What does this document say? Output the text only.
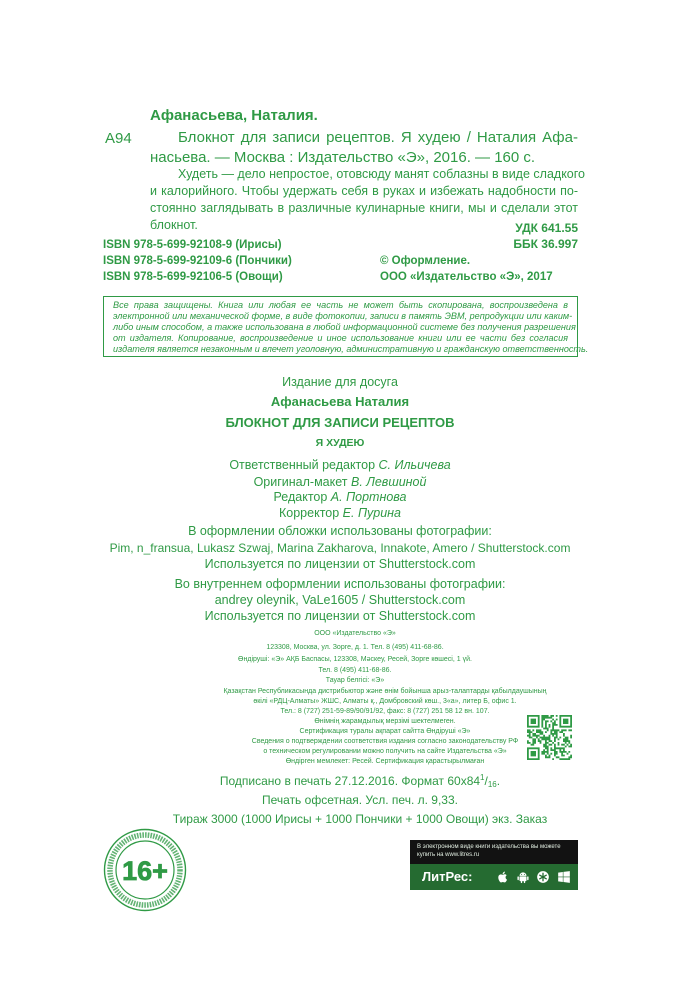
Афанасьева, Наталия.
А94	Блокнот для записи рецептов. Я худею / Наталия Афа-
насьева. — Москва : Издательство «Э», 2016. — 160 с.
Худеть — дело непростое, отовсюду манят соблазны в виде сладкого
и калорийного. Чтобы удержать себя в руках и избежать надобности по-
стоянно заглядывать в различные кулинарные книги, мы и сделали этот
блокнот.	УДК 641.55
ББК 36.997
ISBN 978-5-699-92108-9 (Ирисы)
ISBN 978-5-699-92109-6 (Пончики)
ISBN 978-5-699-92106-5 (Овощи)
© Оформление.
ООО «Издательство «Э», 2017
Все права защищены. Книга или любая ее часть не может быть скопирована, воспроизведена в
электронной или механической форме, в виде фотокопии, записи в память ЭВМ, репродукции или каким-
либо иным способом, а также использована в любой информационной системе без получения разрешения
от издателя. Копирование, воспроизведение и иное использование книги или ее части без согласия
издателя является незаконным и влечет уголовную, административную и гражданскую ответственность.
Издание для досуга
Афанасьева Наталия
БЛОКНОТ ДЛЯ ЗАПИСИ РЕЦЕПТОВ
Я ХУДЕЮ
Ответственный редактор С. Ильичева
Оригинал-макет В. Левшиной
Редактор А. Портнова
Корректор Е. Пурина
В оформлении обложки использованы фотографии:
Pim, n_fransua, Lukasz Szwaj, Marina Zakharova, Innakote, Amero / Shutterstock.com
Используется по лицензии от Shutterstock.com
Во внутреннем оформлении использованы фотографии:
andrey oleynik, VaLe1605 / Shutterstock.com
Используется по лицензии от Shutterstock.com
ООО «Издательство «Э»
123308, Москва, ул. Зорге, д. 1. Тел. 8 (495) 411-68-86.
Өндіруші: «Э» АҚБ Баспасы, 123308, Мәскеу, Ресей, Зорге көшесі, 1 үй.
Тел. 8 (495) 411-68-86.
Тауар белгісі: «Э»
Қазақстан Республикасында дистрибьютор және өнім бойынша арыз-талаптарды қабылдаушының
өкілі «РДЦ-Алматы» ЖШС, Алматы қ., Домбровский көш., 3«а», литер Б, офис 1.
Тел.: 8 (727) 251-59-89/90/91/92, факс: 8 (727) 251 58 12 вн. 107.
Өнімнің жарамдылық мерзімі шектелмеген.
Сертификация туралы ақпарат сайтта Өндіруші «Э»
Сведения о подтверждении соответствия издания согласно законодательству РФ
о техническом регулировании можно получить на сайте Издательства «Э»
Өндірген мемлекет: Ресей. Сертификация қарастырылмаған
Подписано в печать 27.12.2016. Формат $60x84^1/_{16}$.
Печать офсетная. Усл. печ. л. 9,33.
Тираж 3000 (1000 Ирисы + 1000 Пончики + 1000 Овощи) экз. Заказ
16+
В электронном виде книги издательства вы можете
купить на www.litres.ru
ЛитРес:
